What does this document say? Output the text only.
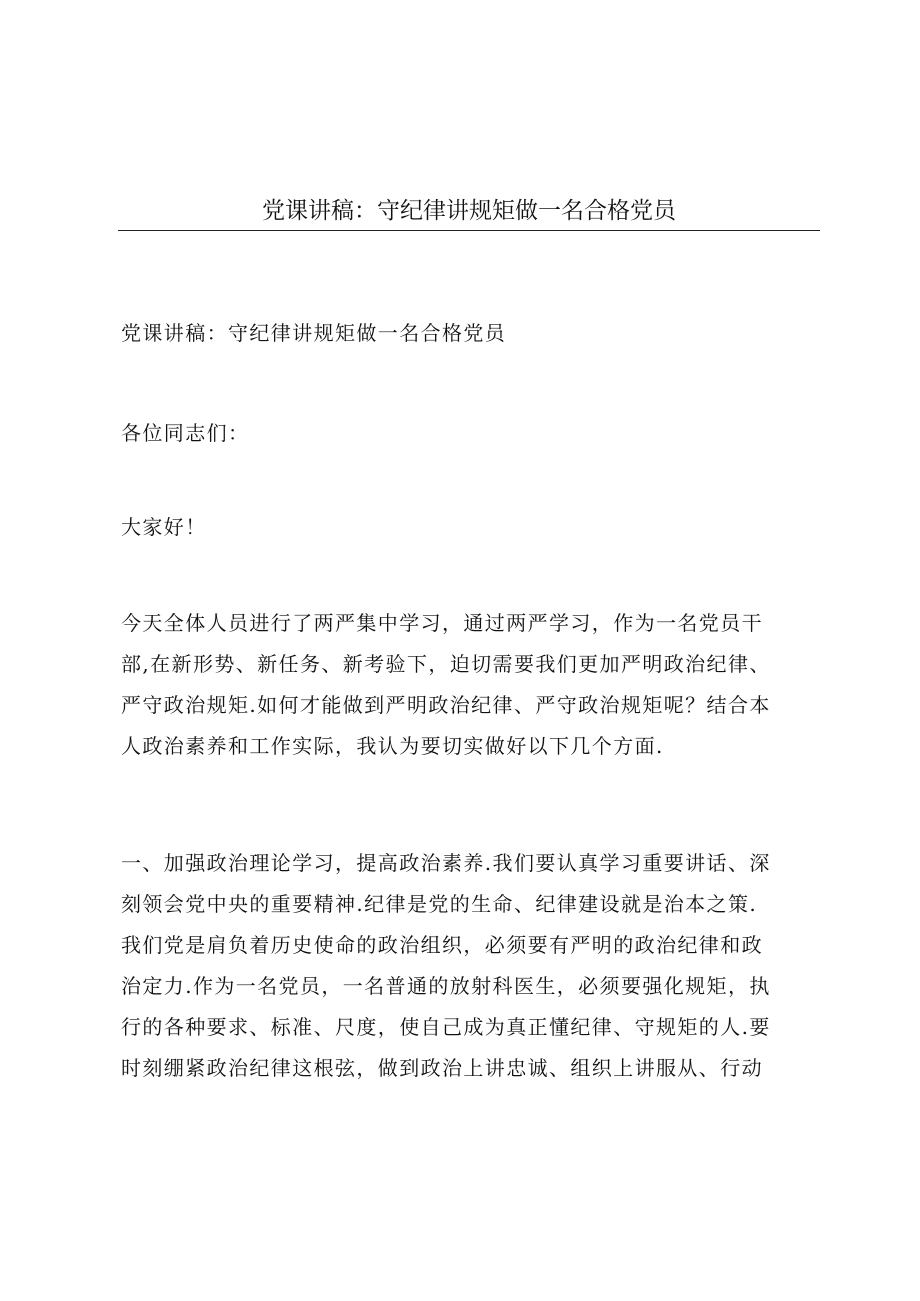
党课讲稿：守纪律讲规矩做一名合格党员
党课讲稿：守纪律讲规矩做一名合格党员
各位同志们：
大家好！
今天全体人员进行了两严集中学习，通过两严学习，作为一名党员干
部,在新形势、新任务、新考验下，迫切需要我们更加严明政治纪律、
严守政治规矩.如何才能做到严明政治纪律、严守政治规矩呢？结合本
人政治素养和工作实际，我认为要切实做好以下几个方面.
一、加强政治理论学习，提高政治素养.我们要认真学习重要讲话、深
刻领会党中央的重要精神.纪律是党的生命、纪律建设就是治本之策.
我们党是肩负着历史使命的政治组织，必须要有严明的政治纪律和政
治定力.作为一名党员，一名普通的放射科医生，必须要强化规矩，执
行的各种要求、标准、尺度，使自己成为真正懂纪律、守规矩的人.要
时刻绷紧政治纪律这根弦，做到政治上讲忠诚、组织上讲服从、行动
